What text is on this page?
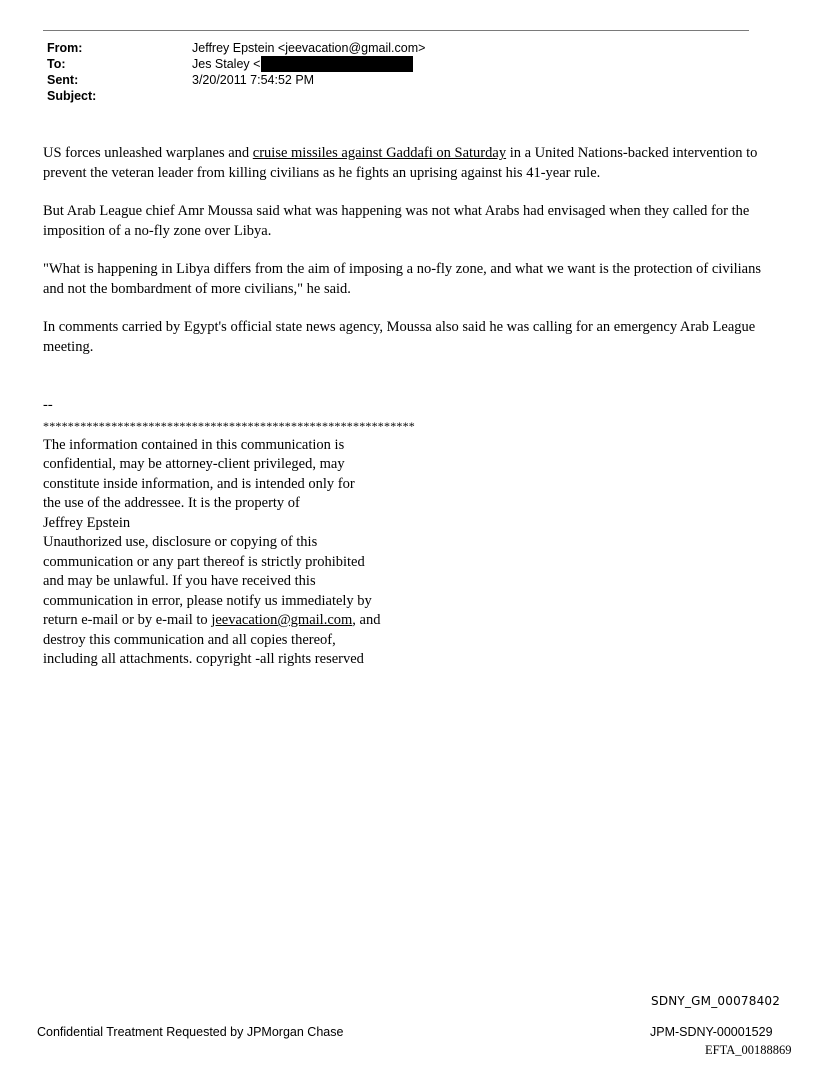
From:	Jeffrey Epstein <jeevacation@gmail.com>
To:	Jes Staley <
Sent:	3/20/2011 7:54:52 PM
Subject:

US forces unleashed warplanes and cruise missiles against Gaddafi on Saturday in a United Nations-backed intervention to prevent the veteran leader from killing civilians as he fights an uprising against his 41-year rule.

But Arab League chief Amr Moussa said what was happening was not what Arabs had envisaged when they called for the imposition of a no-fly zone over Libya.

"What is happening in Libya differs from the aim of imposing a no-fly zone, and what we want is the protection of civilians and not the bombardment of more civilians," he said.

In comments carried by Egypt's official state news agency, Moussa also said he was calling for an emergency Arab League meeting.

--
************************************************************
The information contained in this communication is
confidential, may be attorney-client privileged, may
constitute inside information, and is intended only for
the use of the addressee. It is the property of
Jeffrey Epstein
Unauthorized use, disclosure or copying of this
communication or any part thereof is strictly prohibited
and may be unlawful. If you have received this
communication in error, please notify us immediately by
return e-mail or by e-mail to jeevacation@gmail.com, and
destroy this communication and all copies thereof,
including all attachments. copyright -all rights reserved
SDNY_GM_00078402
Confidential Treatment Requested by JPMorgan Chase	JPM-SDNY-00001529
EFTA_00188869
